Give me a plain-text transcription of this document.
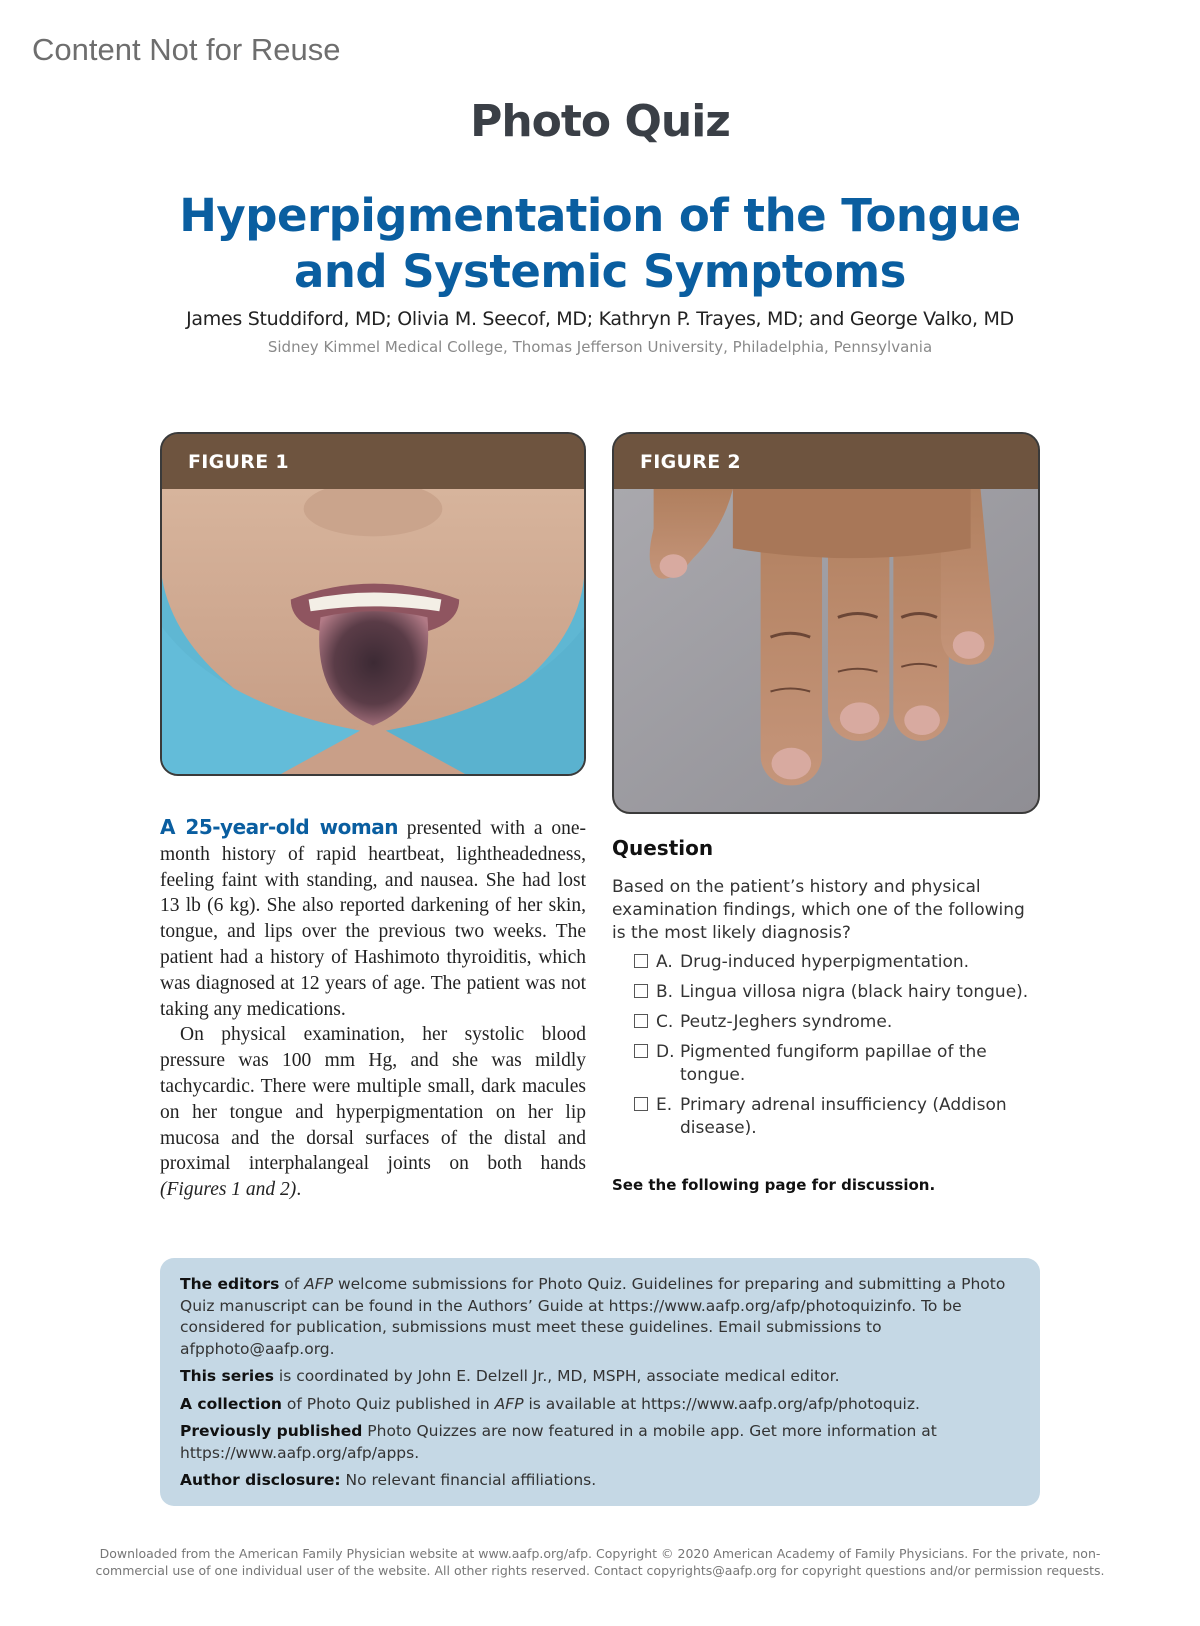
Content Not for Reuse
Photo Quiz
Hyperpigmentation of the Tongue
and Systemic Symptoms
James Studdiford, MD; Olivia M. Seecof, MD; Kathryn P. Trayes, MD; and George Valko, MD
Sidney Kimmel Medical College, Thomas Jefferson University, Philadelphia, Pennsylvania
FIGURE 1	FIGURE 2

A 25-year-old woman presented with a one-month history of rapid heartbeat, lightheadedness, feeling faint with standing, and nausea. She had lost 13 lb (6 kg). She also reported darkening of her skin, tongue, and lips over the previous two weeks. The patient had a history of Hashimoto thyroiditis, which was diagnosed at 12 years of age. The patient was not taking any medications.

On physical examination, her systolic blood pressure was 100 mm Hg, and she was mildly tachycardic. There were multiple small, dark macules on her tongue and hyperpigmentation on her lip mucosa and the dorsal surfaces of the distal and proximal interphalangeal joints on both hands (Figures 1 and 2).

Question
Based on the patient’s history and physical examination findings, which one of the following is the most likely diagnosis?
A. Drug-induced hyperpigmentation.
B. Lingua villosa nigra (black hairy tongue).
C. Peutz-Jeghers syndrome.
D. Pigmented fungiform papillae of the tongue.
E. Primary adrenal insufficiency (Addison disease).
See the following page for discussion.

The editors of AFP welcome submissions for Photo Quiz. Guidelines for preparing and submitting a Photo Quiz manuscript can be found in the Authors’ Guide at https://www.aafp.org/afp/photoquizinfo. To be considered for publication, submissions must meet these guidelines. Email submissions to afpphoto@aafp.org.

This series is coordinated by John E. Delzell Jr., MD, MSPH, associate medical editor.

A collection of Photo Quiz published in AFP is available at https://www.aafp.org/afp/photoquiz.

Previously published Photo Quizzes are now featured in a mobile app. Get more information at https://www.aafp.org/afp/apps.

Author disclosure: No relevant financial affiliations.

Downloaded from the American Family Physician website at www.aafp.org/afp. Copyright © 2020 American Academy of Family Physicians. For the private, non-
commercial use of one individual user of the website. All other rights reserved. Contact copyrights@aafp.org for copyright questions and/or permission requests.
